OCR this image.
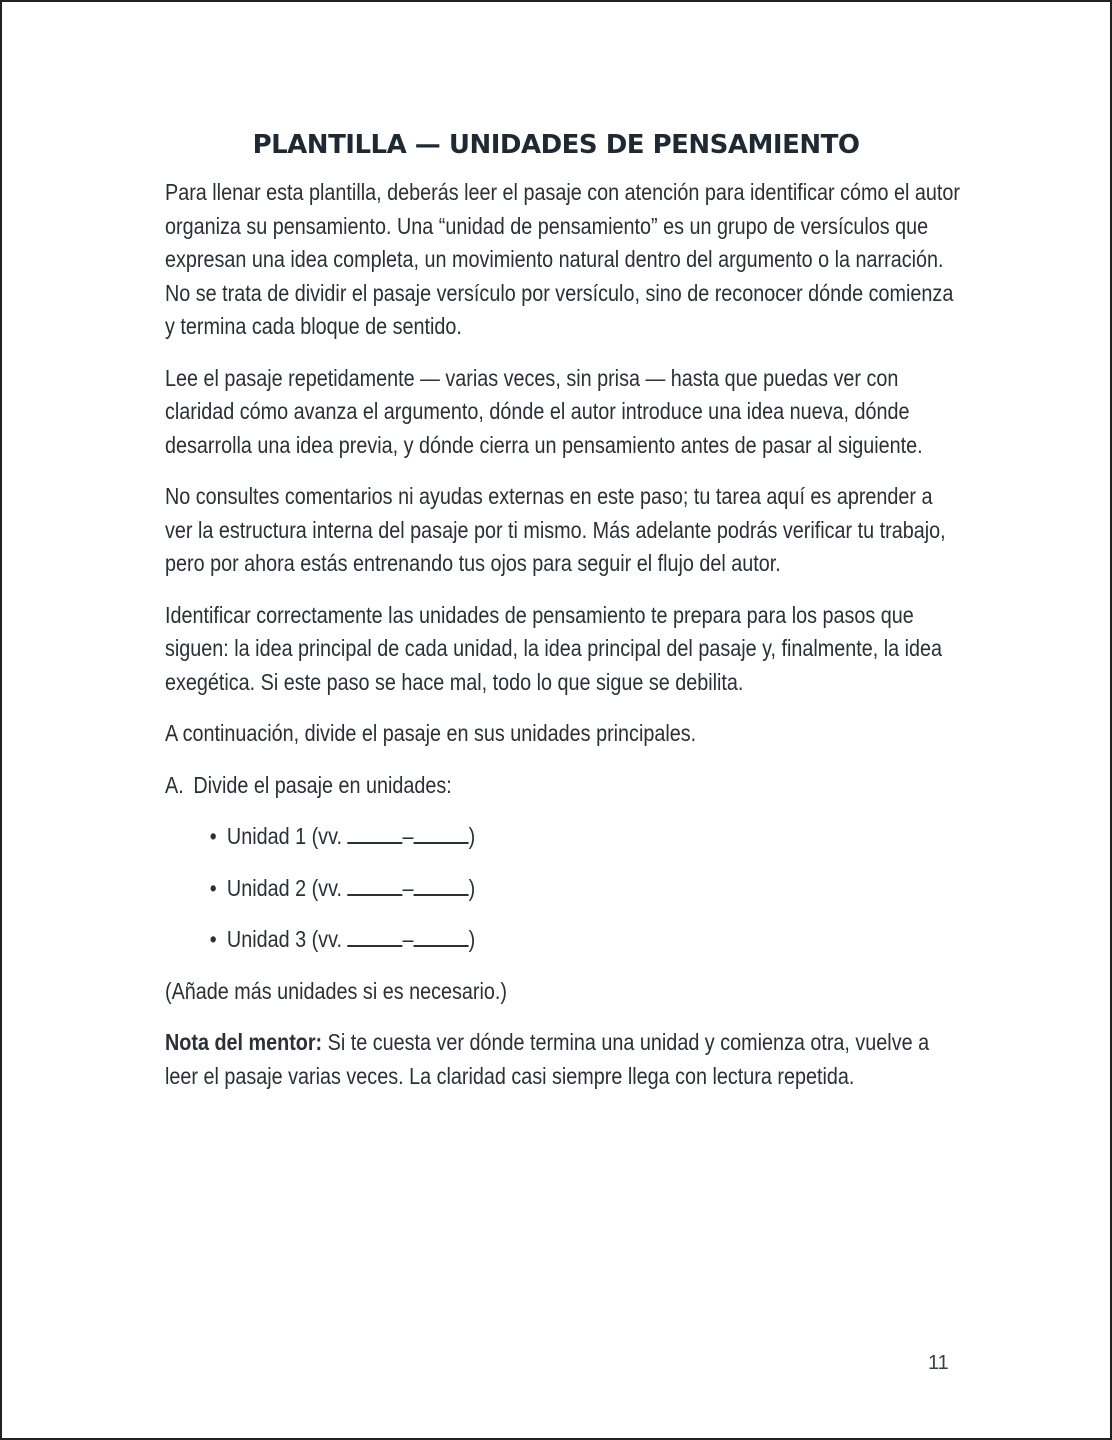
PLANTILLA — UNIDADES DE PENSAMIENTO

Para llenar esta plantilla, deberás leer el pasaje con atención para identificar cómo el autor organiza su pensamiento. Una “unidad de pensamiento” es un grupo de versículos que expresan una idea completa, un movimiento natural dentro del argumento o la narración. No se trata de dividir el pasaje versículo por versículo, sino de reconocer dónde comienza y termina cada bloque de sentido.

Lee el pasaje repetidamente — varias veces, sin prisa — hasta que puedas ver con claridad cómo avanza el argumento, dónde el autor introduce una idea nueva, dónde desarrolla una idea previa, y dónde cierra un pensamiento antes de pasar al siguiente.

No consultes comentarios ni ayudas externas en este paso; tu tarea aquí es aprender a ver la estructura interna del pasaje por ti mismo. Más adelante podrás verificar tu trabajo, pero por ahora estás entrenando tus ojos para seguir el flujo del autor.

Identificar correctamente las unidades de pensamiento te prepara para los pasos que siguen: la idea principal de cada unidad, la idea principal del pasaje y, finalmente, la idea exegética. Si este paso se hace mal, todo lo que sigue se debilita.

A continuación, divide el pasaje en sus unidades principales.

A. Divide el pasaje en unidades:
• Unidad 1 (vv. – )
• Unidad 2 (vv. – )
• Unidad 3 (vv. – )

(Añade más unidades si es necesario.)

Nota del mentor: Si te cuesta ver dónde termina una unidad y comienza otra, vuelve a leer el pasaje varias veces. La claridad casi siempre llega con lectura repetida.

11
